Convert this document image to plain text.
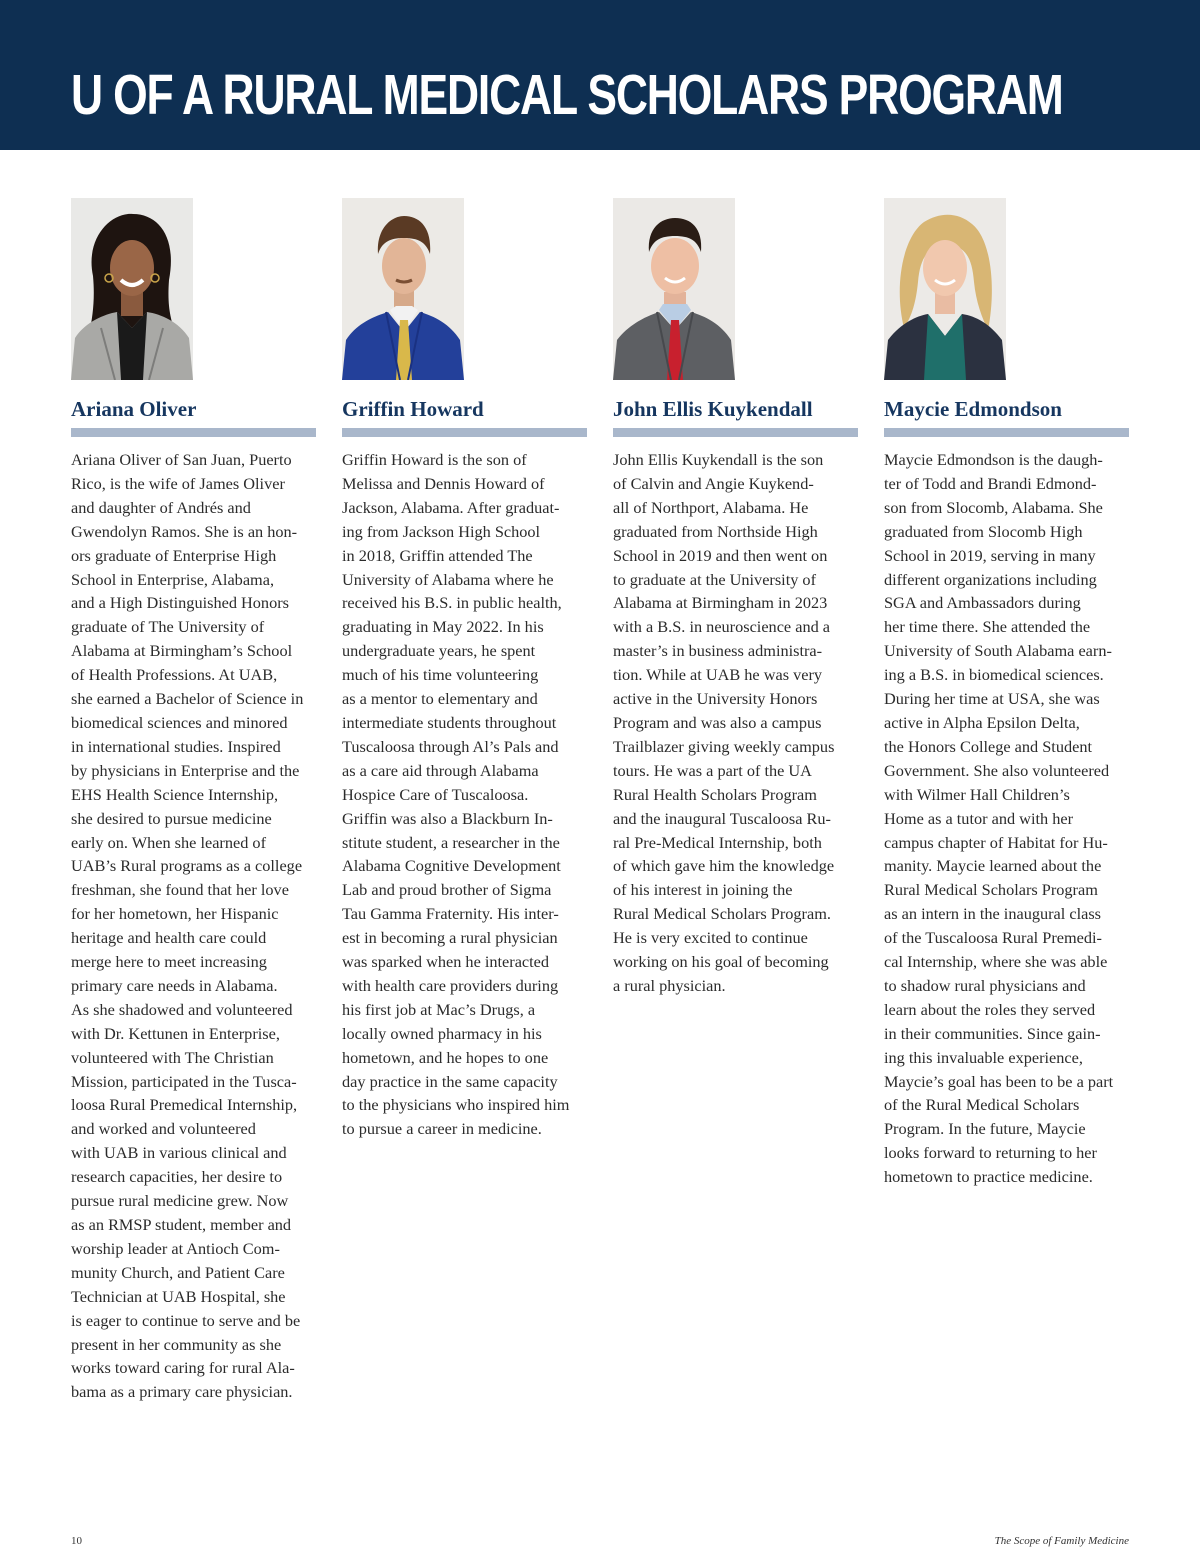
U OF A RURAL MEDICAL SCHOLARS PROGRAM
Ariana Oliver
Ariana Oliver of San Juan, Puerto
Rico, is the wife of James Oliver
and daughter of Andrés and
Gwendolyn Ramos. She is an hon-
ors graduate of Enterprise High
School in Enterprise, Alabama,
and a High Distinguished Honors
graduate of The University of
Alabama at Birmingham’s School
of Health Professions. At UAB,
she earned a Bachelor of Science in
biomedical sciences and minored
in international studies. Inspired
by physicians in Enterprise and the
EHS Health Science Internship,
she desired to pursue medicine
early on. When she learned of
UAB’s Rural programs as a college
freshman, she found that her love
for her hometown, her Hispanic
heritage and health care could
merge here to meet increasing
primary care needs in Alabama.
As she shadowed and volunteered
with Dr. Kettunen in Enterprise,
volunteered with The Christian
Mission, participated in the Tusca-
loosa Rural Premedical Internship,
and worked and volunteered
with UAB in various clinical and
research capacities, her desire to
pursue rural medicine grew. Now
as an RMSP student, member and
worship leader at Antioch Com-
munity Church, and Patient Care
Technician at UAB Hospital, she
is eager to continue to serve and be
present in her community as she
works toward caring for rural Ala-
bama as a primary care physician.
Griffin Howard
Griffin Howard is the son of
Melissa and Dennis Howard of
Jackson, Alabama. After graduat-
ing from Jackson High School
in 2018, Griffin attended The
University of Alabama where he
received his B.S. in public health,
graduating in May 2022. In his
undergraduate years, he spent
much of his time volunteering
as a mentor to elementary and
intermediate students throughout
Tuscaloosa through Al’s Pals and
as a care aid through Alabama
Hospice Care of Tuscaloosa.
Griffin was also a Blackburn In-
stitute student, a researcher in the
Alabama Cognitive Development
Lab and proud brother of Sigma
Tau Gamma Fraternity. His inter-
est in becoming a rural physician
was sparked when he interacted
with health care providers during
his first job at Mac’s Drugs, a
locally owned pharmacy in his
hometown, and he hopes to one
day practice in the same capacity
to the physicians who inspired him
to pursue a career in medicine.
John Ellis Kuykendall
John Ellis Kuykendall is the son
of Calvin and Angie Kuykend-
all of Northport, Alabama. He
graduated from Northside High
School in 2019 and then went on
to graduate at the University of
Alabama at Birmingham in 2023
with a B.S. in neuroscience and a
master’s in business administra-
tion. While at UAB he was very
active in the University Honors
Program and was also a campus
Trailblazer giving weekly campus
tours. He was a part of the UA
Rural Health Scholars Program
and the inaugural Tuscaloosa Ru-
ral Pre-Medical Internship, both
of which gave him the knowledge
of his interest in joining the
Rural Medical Scholars Program.
He is very excited to continue
working on his goal of becoming
a rural physician.
Maycie Edmondson
Maycie Edmondson is the daugh-
ter of Todd and Brandi Edmond-
son from Slocomb, Alabama. She
graduated from Slocomb High
School in 2019, serving in many
different organizations including
SGA and Ambassadors during
her time there. She attended the
University of South Alabama earn-
ing a B.S. in biomedical sciences.
During her time at USA, she was
active in Alpha Epsilon Delta,
the Honors College and Student
Government. She also volunteered
with Wilmer Hall Children’s
Home as a tutor and with her
campus chapter of Habitat for Hu-
manity. Maycie learned about the
Rural Medical Scholars Program
as an intern in the inaugural class
of the Tuscaloosa Rural Premedi-
cal Internship, where she was able
to shadow rural physicians and
learn about the roles they served
in their communities. Since gain-
ing this invaluable experience,
Maycie’s goal has been to be a part
of the Rural Medical Scholars
Program. In the future, Maycie
looks forward to returning to her
hometown to practice medicine.
10	The Scope of Family Medicine
